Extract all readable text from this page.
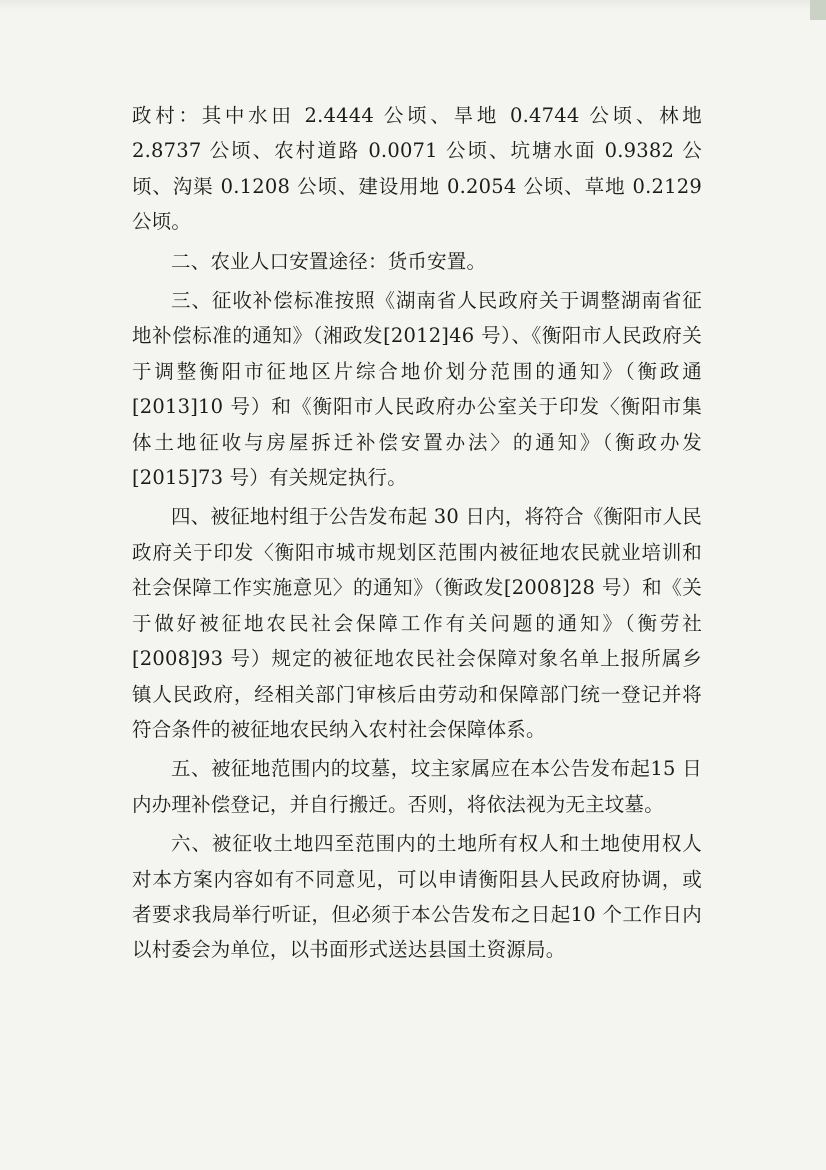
政村：其中水田 2.4444 公顷、旱地 0.4744 公顷、林地 2.8737 公顷、农村道路 0.0071 公顷、坑塘水面 0.9382 公顷、沟渠 0.1208 公顷、建设用地 0.2054 公顷、草地 0.2129 公顷。

二、农业人口安置途径：货币安置。

三、征收补偿标准按照《湖南省人民政府关于调整湖南省征地补偿标准的通知》（湘政发[2012]46 号）、《衡阳市人民政府关于调整衡阳市征地区片综合地价划分范围的通知》（衡政通[2013]10 号）和《衡阳市人民政府办公室关于印发〈衡阳市集体土地征收与房屋拆迁补偿安置办法〉的通知》（衡政办发[2015]73 号）有关规定执行。

四、被征地村组于公告发布起 30 日内，将符合《衡阳市人民政府关于印发〈衡阳市城市规划区范围内被征地农民就业培训和社会保障工作实施意见〉的通知》（衡政发[2008]28 号）和《关于做好被征地农民社会保障工作有关问题的通知》（衡劳社[2008]93 号）规定的被征地农民社会保障对象名单上报所属乡镇人民政府，经相关部门审核后由劳动和保障部门统一登记并将符合条件的被征地农民纳入农村社会保障体系。

五、被征地范围内的坟墓，坟主家属应在本公告发布起15 日内办理补偿登记，并自行搬迁。否则，将依法视为无主坟墓。

六、被征收土地四至范围内的土地所有权人和土地使用权人对本方案内容如有不同意见，可以申请衡阳县人民政府协调，或者要求我局举行听证，但必须于本公告发布之日起10 个工作日内以村委会为单位，以书面形式送达县国土资源局。
